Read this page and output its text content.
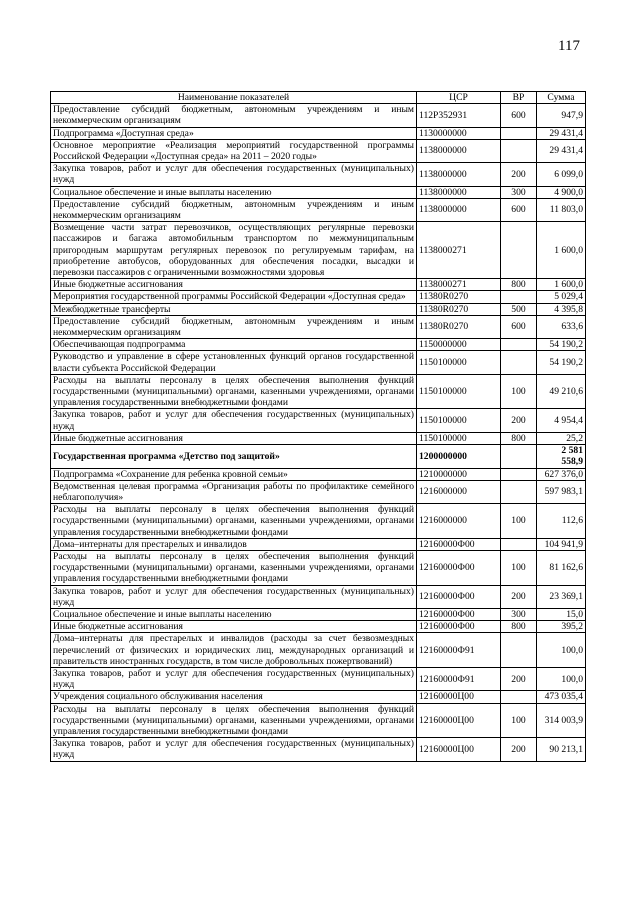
117
Наименование показателей	ЦСР	ВР	Сумма
Предоставление субсидий бюджетным, автономным учреждениям и иным некоммерческим организациям	112Р352931	600	947,9
Подпрограмма «Доступная среда»	1130000000		29 431,4
Основное мероприятие «Реализация мероприятий государственной программы Российской Федерации «Доступная среда» на 2011 – 2020 годы»	1138000000		29 431,4
Закупка товаров, работ и услуг для обеспечения государственных (муниципальных) нужд	1138000000	200	6 099,0
Социальное обеспечение и иные выплаты населению	1138000000	300	4 900,0
Предоставление субсидий бюджетным, автономным учреждениям и иным некоммерческим организациям	1138000000	600	11 803,0
Возмещение части затрат перевозчиков, осуществляющих регулярные перевозки пассажиров и багажа автомобильным транспортом по межмуниципальным пригородным маршрутам регулярных перевозок по регулируемым тарифам, на приобретение автобусов, оборудованных для обеспечения посадки, высадки и перевозки пассажиров с ограниченными возможностями здоровья	1138000271		1 600,0
Иные бюджетные ассигнования	1138000271	800	1 600,0
Мероприятия государственной программы Российской Федерации «Доступная среда»	11380R0270		5 029,4
Межбюджетные трансферты	11380R0270	500	4 395,8
Предоставление субсидий бюджетным, автономным учреждениям и иным некоммерческим организациям	11380R0270	600	633,6
Обеспечивающая подпрограмма	1150000000		54 190,2
Руководство и управление в сфере установленных функций органов государственной власти субъекта Российской Федерации	1150100000		54 190,2
Расходы на выплаты персоналу в целях обеспечения выполнения функций государственными (муниципальными) органами, казенными учреждениями, органами управления государственными внебюджетными фондами	1150100000	100	49 210,6
Закупка товаров, работ и услуг для обеспечения государственных (муниципальных) нужд	1150100000	200	4 954,4
Иные бюджетные ассигнования	1150100000	800	25,2
Государственная программа «Детство под защитой»	1200000000		2 581 558,9
Подпрограмма «Сохранение для ребенка кровной семьи»	1210000000		627 376,0
Ведомственная целевая программа «Организация работы по профилактике семейного неблагополучия»	1216000000		597 983,1
Расходы на выплаты персоналу в целях обеспечения выполнения функций государственными (муниципальными) органами, казенными учреждениями, органами управления государственными внебюджетными фондами	1216000000	100	112,6
Дома–интернаты для престарелых и инвалидов	12160000Ф00		104 941,9
Расходы на выплаты персоналу в целях обеспечения выполнения функций государственными (муниципальными) органами, казенными учреждениями, органами управления государственными внебюджетными фондами	12160000Ф00	100	81 162,6
Закупка товаров, работ и услуг для обеспечения государственных (муниципальных) нужд	12160000Ф00	200	23 369,1
Социальное обеспечение и иные выплаты населению	12160000Ф00	300	15,0
Иные бюджетные ассигнования	12160000Ф00	800	395,2
Дома–интернаты для престарелых и инвалидов (расходы за счет безвозмездных перечислений от физических и юридических лиц, международных организаций и правительств иностранных государств, в том числе добровольных пожертвований)	12160000Ф91		100,0
Закупка товаров, работ и услуг для обеспечения государственных (муниципальных) нужд	12160000Ф91	200	100,0
Учреждения социального обслуживания населения	12160000Ц00		473 035,4
Расходы на выплаты персоналу в целях обеспечения выполнения функций государственными (муниципальными) органами, казенными учреждениями, органами управления государственными внебюджетными фондами	12160000Ц00	100	314 003,9
Закупка товаров, работ и услуг для обеспечения государственных (муниципальных) нужд	12160000Ц00	200	90 213,1
